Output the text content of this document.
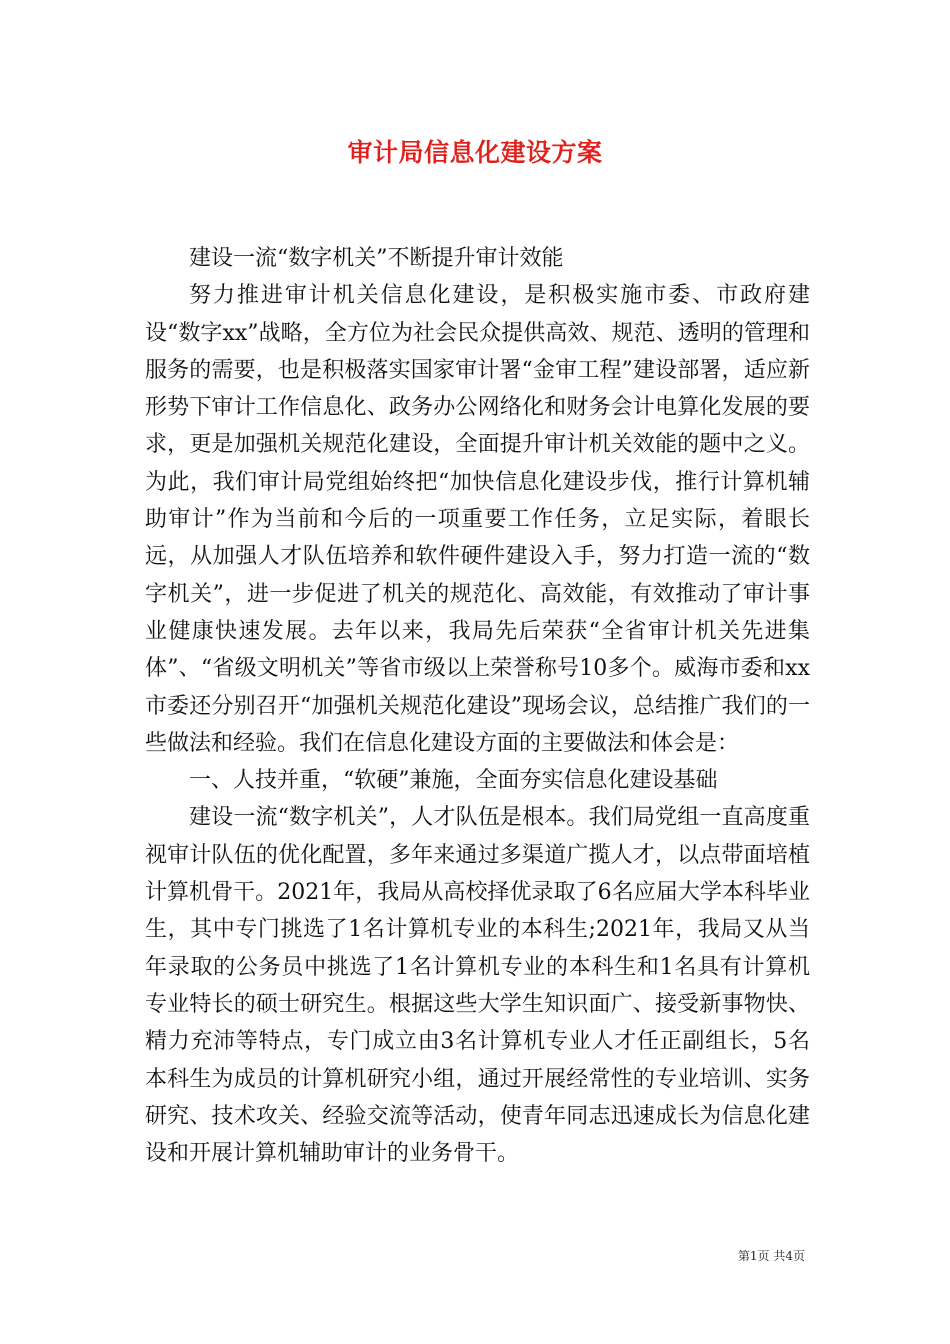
审计局信息化建设方案

建设一流“数字机关”不断提升审计效能

努力推进审计机关信息化建设，是积极实施市委、市政府建设“数字xx”战略，全方位为社会民众提供高效、规范、透明的管理和服务的需要，也是积极落实国家审计署“金审工程”建设部署，适应新形势下审计工作信息化、政务办公网络化和财务会计电算化发展的要求，更是加强机关规范化建设，全面提升审计机关效能的题中之义。为此，我们审计局党组始终把“加快信息化建设步伐，推行计算机辅助审计”作为当前和今后的一项重要工作任务，立足实际，着眼长远，从加强人才队伍培养和软件硬件建设入手，努力打造一流的“数字机关”，进一步促进了机关的规范化、高效能，有效推动了审计事业健康快速发展。去年以来，我局先后荣获“全省审计机关先进集体”、“省级文明机关”等省市级以上荣誉称号10多个。威海市委和xx市委还分别召开“加强机关规范化建设”现场会议，总结推广我们的一些做法和经验。我们在信息化建设方面的主要做法和体会是：

一、人技并重，“软硬”兼施，全面夯实信息化建设基础

建设一流“数字机关”，人才队伍是根本。我们局党组一直高度重视审计队伍的优化配置，多年来通过多渠道广揽人才，以点带面培植计算机骨干。2021年，我局从高校择优录取了6名应届大学本科毕业生，其中专门挑选了1名计算机专业的本科生;2021年，我局又从当年录取的公务员中挑选了1名计算机专业的本科生和1名具有计算机专业特长的硕士研究生。根据这些大学生知识面广、接受新事物快、精力充沛等特点，专门成立由3名计算机专业人才任正副组长，5名本科生为成员的计算机研究小组，通过开展经常性的专业培训、实务研究、技术攻关、经验交流等活动，使青年同志迅速成长为信息化建设和开展计算机辅助审计的业务骨干。

第1页 共4页
